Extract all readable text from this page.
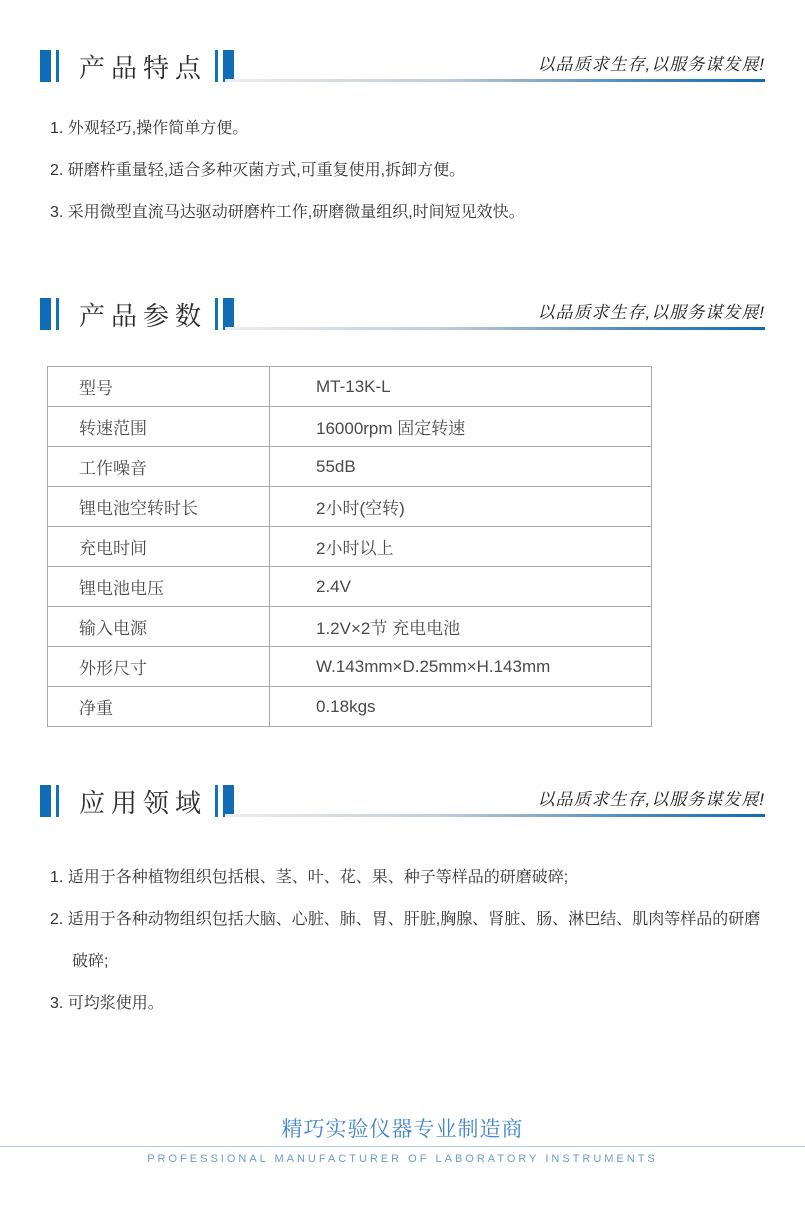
产品特点	以品质求生存,以服务谋发展!
1. 外观轻巧,操作简单方便。
2. 研磨杵重量轻,适合多种灭菌方式,可重复使用,拆卸方便。
3. 采用微型直流马达驱动研磨杵工作,研磨微量组织,时间短见效快。
产品参数	以品质求生存,以服务谋发展!
型号	MT-13K-L
转速范围	16000rpm 固定转速
工作噪音	55dB
锂电池空转时长	2小时(空转)
充电时间	2小时以上
锂电池电压	2.4V
输入电源	1.2V×2节 充电电池
外形尺寸	W.143mm×D.25mm×H.143mm
净重	0.18kgs
应用领域	以品质求生存,以服务谋发展!
1. 适用于各种植物组织包括根、茎、叶、花、果、种子等样品的研磨破碎;
2. 适用于各种动物组织包括大脑、心脏、肺、胃、肝脏,胸腺、肾脏、肠、淋巴结、肌肉等样品的研磨破碎;
3. 可均浆使用。
精巧实验仪器专业制造商
PROFESSIONAL MANUFACTURER OF LABORATORY INSTRUMENTS
